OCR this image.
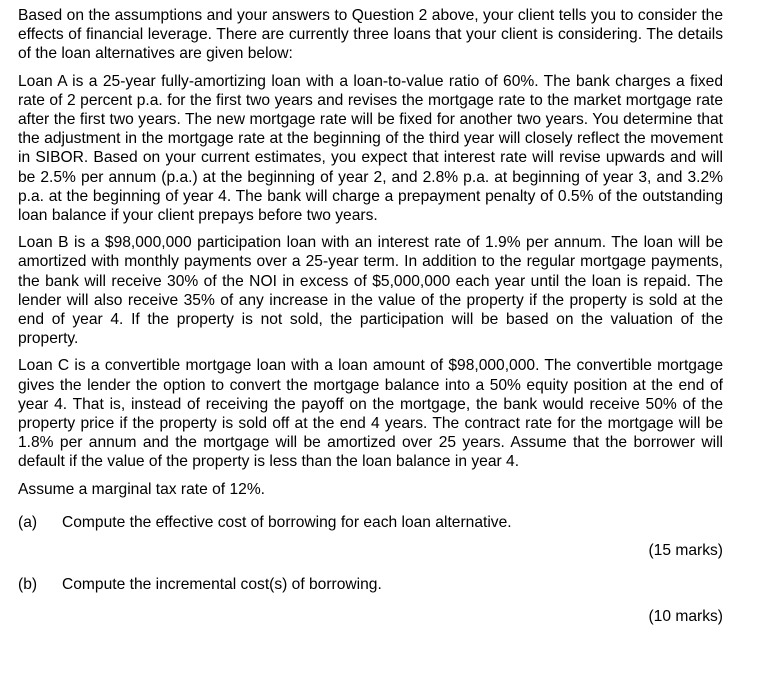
Based on the assumptions and your answers to Question 2 above, your client tells you to consider the effects of financial leverage. There are currently three loans that your client is considering. The details of the loan alternatives are given below:

Loan A is a 25-year fully-amortizing loan with a loan-to-value ratio of 60%. The bank charges a fixed rate of 2 percent p.a. for the first two years and revises the mortgage rate to the market mortgage rate after the first two years. The new mortgage rate will be fixed for another two years. You determine that the adjustment in the mortgage rate at the beginning of the third year will closely reflect the movement in SIBOR. Based on your current estimates, you expect that interest rate will revise upwards and will be 2.5% per annum (p.a.) at the beginning of year 2, and 2.8% p.a. at beginning of year 3, and 3.2% p.a. at the beginning of year 4. The bank will charge a prepayment penalty of 0.5% of the outstanding loan balance if your client prepays before two years.

Loan B is a $98,000,000 participation loan with an interest rate of 1.9% per annum. The loan will be amortized with monthly payments over a 25-year term. In addition to the regular mortgage payments, the bank will receive 30% of the NOI in excess of $5,000,000 each year until the loan is repaid. The lender will also receive 35% of any increase in the value of the property if the property is sold at the end of year 4. If the property is not sold, the participation will be based on the valuation of the property.

Loan C is a convertible mortgage loan with a loan amount of $98,000,000. The convertible mortgage gives the lender the option to convert the mortgage balance into a 50% equity position at the end of year 4. That is, instead of receiving the payoff on the mortgage, the bank would receive 50% of the property price if the property is sold off at the end 4 years. The contract rate for the mortgage will be 1.8% per annum and the mortgage will be amortized over 25 years. Assume that the borrower will default if the value of the property is less than the loan balance in year 4.

Assume a marginal tax rate of 12%.

(a)	Compute the effective cost of borrowing for each loan alternative.

(15 marks)

(b)	Compute the incremental cost(s) of borrowing.

(10 marks)
